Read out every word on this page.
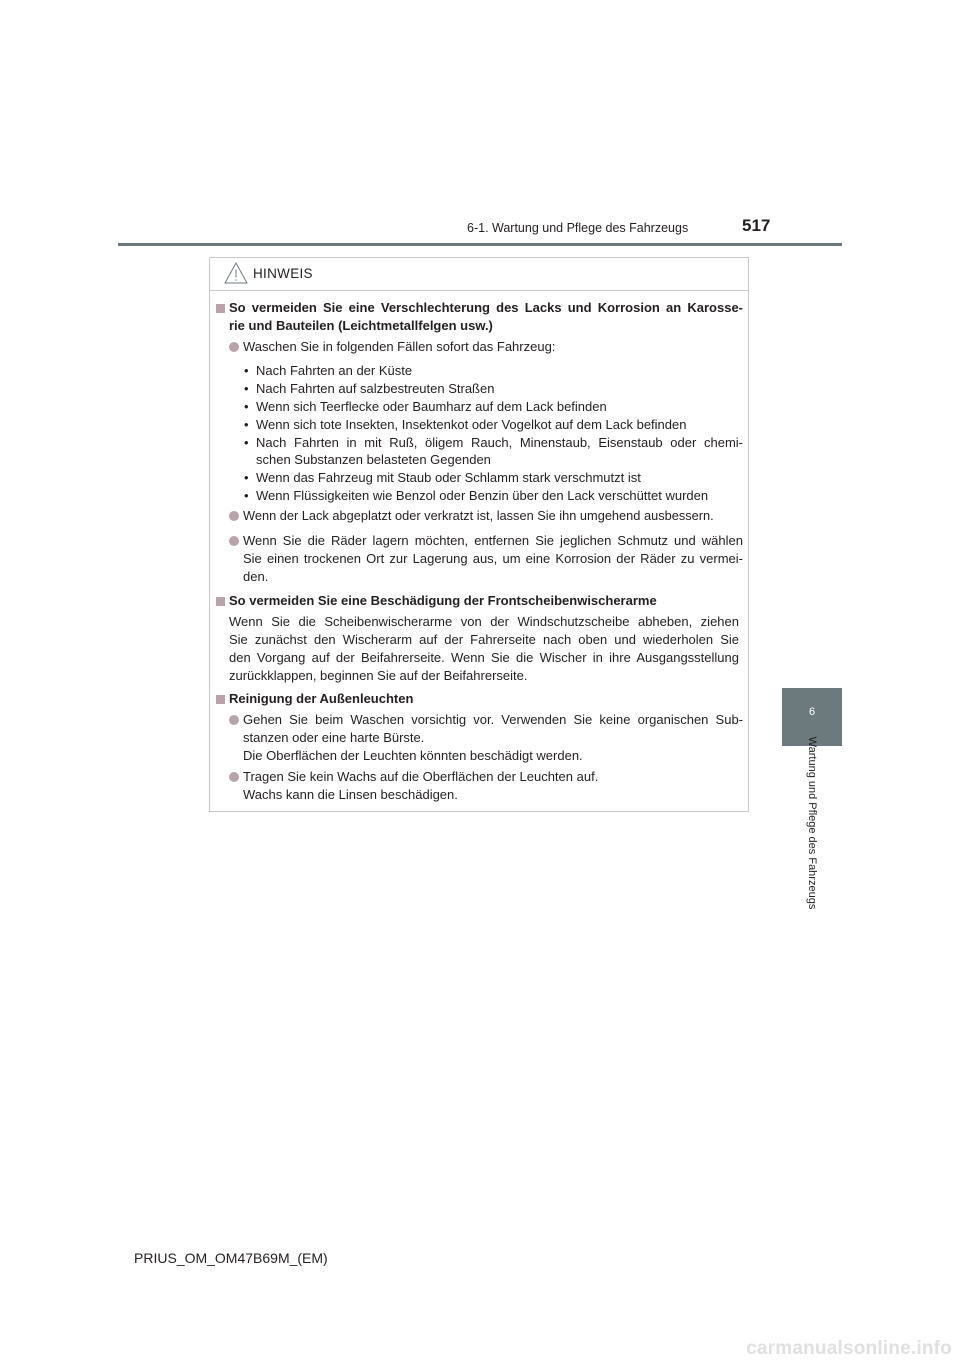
6-1. Wartung und Pflege des Fahrzeugs	517
6
Wartung und Pflege des Fahrzeugs
HINWEIS
So vermeiden Sie eine Verschlechterung des Lacks und Korrosion an Karosse-
rie und Bauteilen (Leichtmetallfelgen usw.)
Waschen Sie in folgenden Fällen sofort das Fahrzeug:
• Nach Fahrten an der Küste
• Nach Fahrten auf salzbestreuten Straßen
• Wenn sich Teerflecke oder Baumharz auf dem Lack befinden
• Wenn sich tote Insekten, Insektenkot oder Vogelkot auf dem Lack befinden
• Nach Fahrten in mit Ruß, öligem Rauch, Minenstaub, Eisenstaub oder chemi-
schen Substanzen belasteten Gegenden
• Wenn das Fahrzeug mit Staub oder Schlamm stark verschmutzt ist
• Wenn Flüssigkeiten wie Benzol oder Benzin über den Lack verschüttet wurden
Wenn der Lack abgeplatzt oder verkratzt ist, lassen Sie ihn umgehend ausbessern.
Wenn Sie die Räder lagern möchten, entfernen Sie jeglichen Schmutz und wählen
Sie einen trockenen Ort zur Lagerung aus, um eine Korrosion der Räder zu vermei-
den.
So vermeiden Sie eine Beschädigung der Frontscheibenwischerarme
Wenn Sie die Scheibenwischerarme von der Windschutzscheibe abheben, ziehen
Sie zunächst den Wischerarm auf der Fahrerseite nach oben und wiederholen Sie
den Vorgang auf der Beifahrerseite. Wenn Sie die Wischer in ihre Ausgangsstellung
zurückklappen, beginnen Sie auf der Beifahrerseite.
Reinigung der Außenleuchten
Gehen Sie beim Waschen vorsichtig vor. Verwenden Sie keine organischen Sub-
stanzen oder eine harte Bürste.
Die Oberflächen der Leuchten könnten beschädigt werden.
Tragen Sie kein Wachs auf die Oberflächen der Leuchten auf.
Wachs kann die Linsen beschädigen.
PRIUS_OM_OM47B69M_(EM)
carmanualsonline.info
